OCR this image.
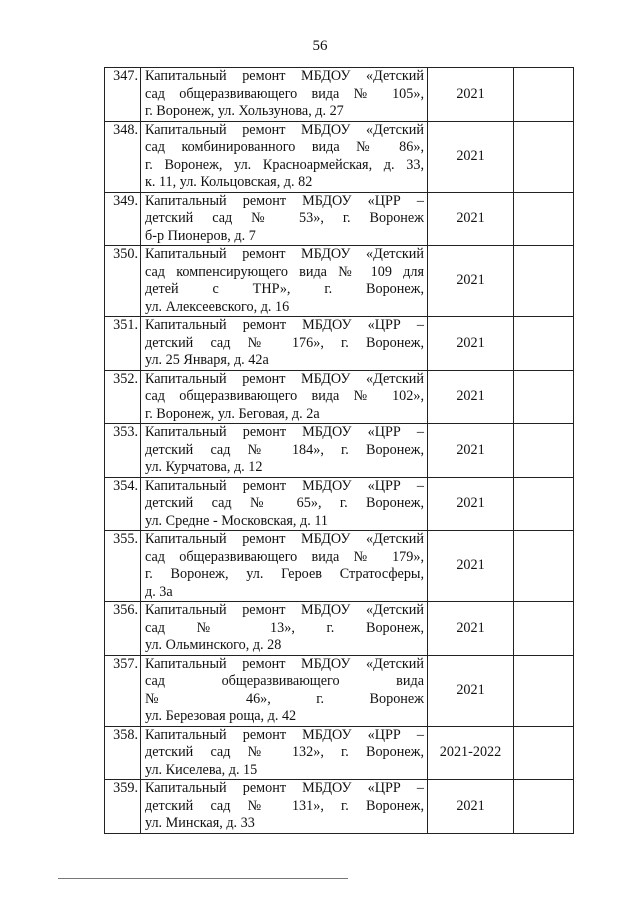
56
347.	Капитальный ремонт МБДОУ «Детский
сад общеразвивающего вида № 105»,
г. Воронеж, ул. Хользунова, д. 27	2021	
348.	Капитальный ремонт МБДОУ «Детский
сад комбинированного вида № 86»,
г. Воронеж, ул. Красноармейская, д. 33,
к. 11, ул. Кольцовская, д. 82	2021	
349.	Капитальный ремонт МБДОУ «ЦРР –
детский сад № 53», г. Воронеж
б-р Пионеров, д. 7	2021	
350.	Капитальный ремонт МБДОУ «Детский
сад компенсирующего вида № 109 для
детей с ТНР», г. Воронеж,
ул. Алексеевского, д. 16	2021	
351.	Капитальный ремонт МБДОУ «ЦРР –
детский сад № 176», г. Воронеж,
ул. 25 Января, д. 42а	2021	
352.	Капитальный ремонт МБДОУ «Детский
сад общеразвивающего вида № 102»,
г. Воронеж, ул. Беговая, д. 2а	2021	
353.	Капитальный ремонт МБДОУ «ЦРР –
детский сад № 184», г. Воронеж,
ул. Курчатова, д. 12	2021	
354.	Капитальный ремонт МБДОУ «ЦРР –
детский сад № 65», г. Воронеж,
ул. Средне - Московская, д. 11	2021	
355.	Капитальный ремонт МБДОУ «Детский
сад общеразвивающего вида № 179»,
г. Воронеж, ул. Героев Стратосферы,
д. 3а	2021	
356.	Капитальный ремонт МБДОУ «Детский
сад № 13», г. Воронеж,
ул. Ольминского, д. 28	2021	
357.	Капитальный ремонт МБДОУ «Детский
сад общеразвивающего вида
№ 46», г. Воронеж
ул. Березовая роща, д. 42	2021	
358.	Капитальный ремонт МБДОУ «ЦРР –
детский сад № 132», г. Воронеж,
ул. Киселева, д. 15	2021-2022	
359.	Капитальный ремонт МБДОУ «ЦРР –
детский сад № 131», г. Воронеж,
ул. Минская, д. 33	2021	
